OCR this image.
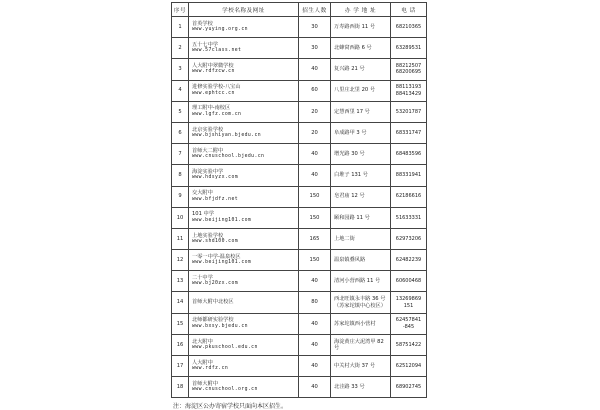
序号	学校名称及网址	招生人数	办 学 地 址	电 话
1	首英学校
www.yuying.org.cn	30	万寿路西街 11 号	68210365

2	五十七中学
www.57class.net	30	北蜂窝西路 6 号	63289531

3	人大附中翠微学校
www.rdfzcw.cn	40	复兴路 21 号	88212507
68200695

4	进修实验学校-八宝山
www.ephtcc.cn	60	八里庄北里 20 号	88113193
88413429

5	理工附中-南校区
www.lgfz.com.cn	20	定慧西里 17 号	53201787

6	北京实验学校
www.bjshiyan.bjedu.cn	20	阜成路甲 3 号	68331747

7	首师大二附中
www.cnuschool.bjedu.cn	40	增光路 30 号	68483596

8	海淀实验中学
www.hdsyzx.com	40	白堆子 131 号	88331941

9	交大附中
www.bfjdfz.net	150	皂君庙 12 号	62186616

10	101 中学
www.beijing101.com	150	颐和园路 11 号	51633331

11	上地实验学校
www.shd100.com	165	上地二街	62973206

12	一零一中学-温泉校区
www.beijing101.com	150	温泉镇叠风路	62482239

13	二十中学
www.bj20zx.com	40	清河小营西路 11 号	60600468

14	首师大附中北校区	80	西北旺镇永丰路 36 号（苏家坨镇中心校区）	13269869
151

15	北师都研实验学校
www.bxsy.bjedu.cn	40	苏家坨镇西小营村	62457841
-845

16	北大附中
www.pkuschool.edu.cn	40	海淀黄庄大泥湾甲 82 号	58751422

17	人大附中
www.rdfz.cn	40	中关村大街 37 号	62512094

18	首师大附中
www.cnuschool.org.cn	40	北洼路 33 号	68902745
注：海淀区公办寄宿学校只面向本区招生。
